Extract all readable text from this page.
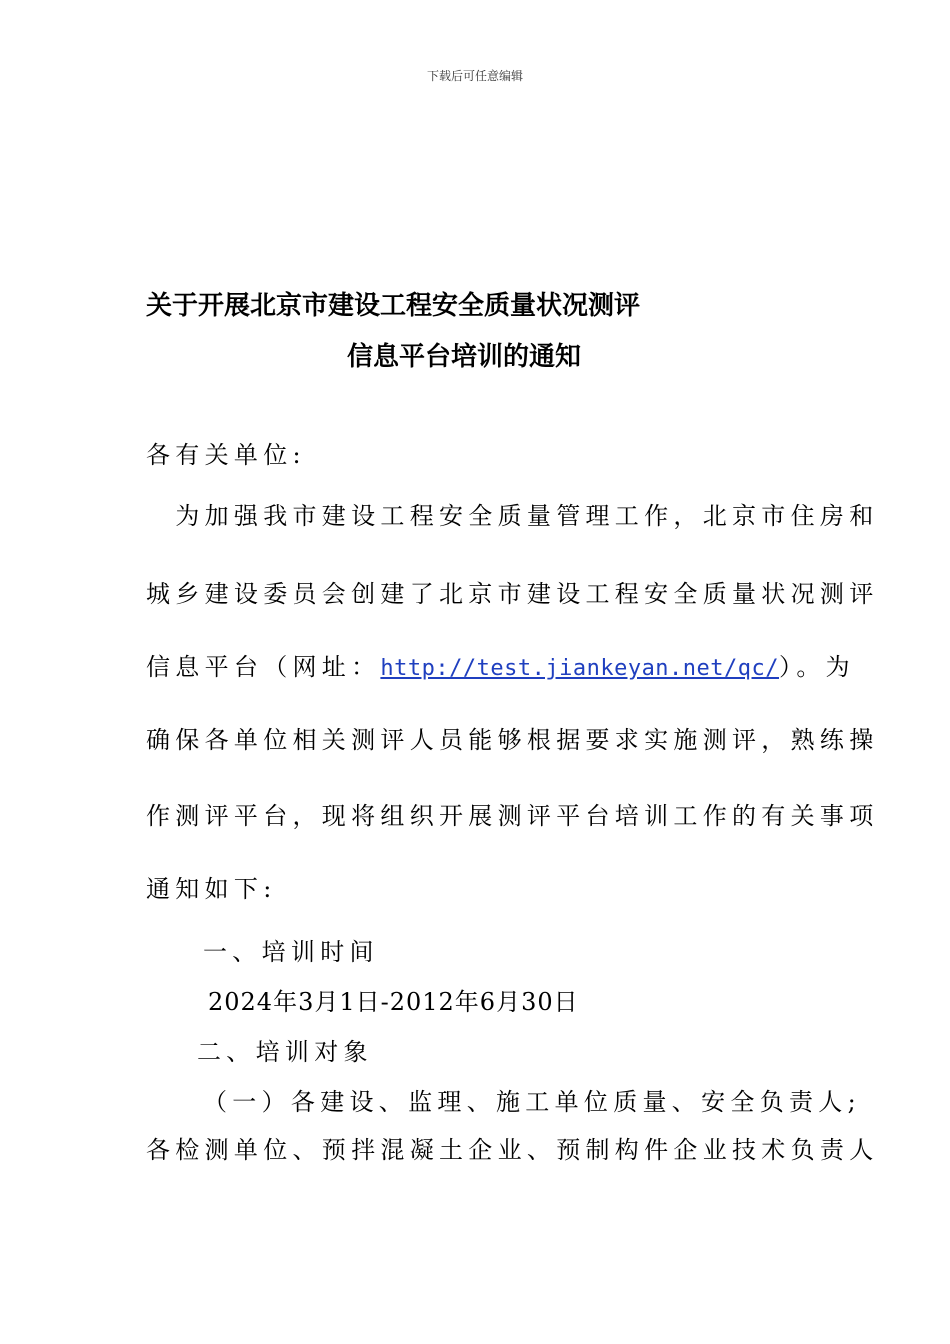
下载后可任意编辑
关于开展北京市建设工程安全质量状况测评
信息平台培训的通知
各有关单位:
　为加强我市建设工程安全质量管理工作，北京市住房和
城乡建设委员会创建了北京市建设工程安全质量状况测评
信息平台（网址：http://test.jiankeyan.net/qc/）。为
确保各单位相关测评人员能够根据要求实施测评，熟练操
作测评平台，现将组织开展测评平台培训工作的有关事项
通知如下:
一、培训时间
2024年3月1日-2012年6月30日
二、培训对象
（一）各建设、监理、施工单位质量、安全负责人;
各检测单位、预拌混凝土企业、预制构件企业技术负责人
